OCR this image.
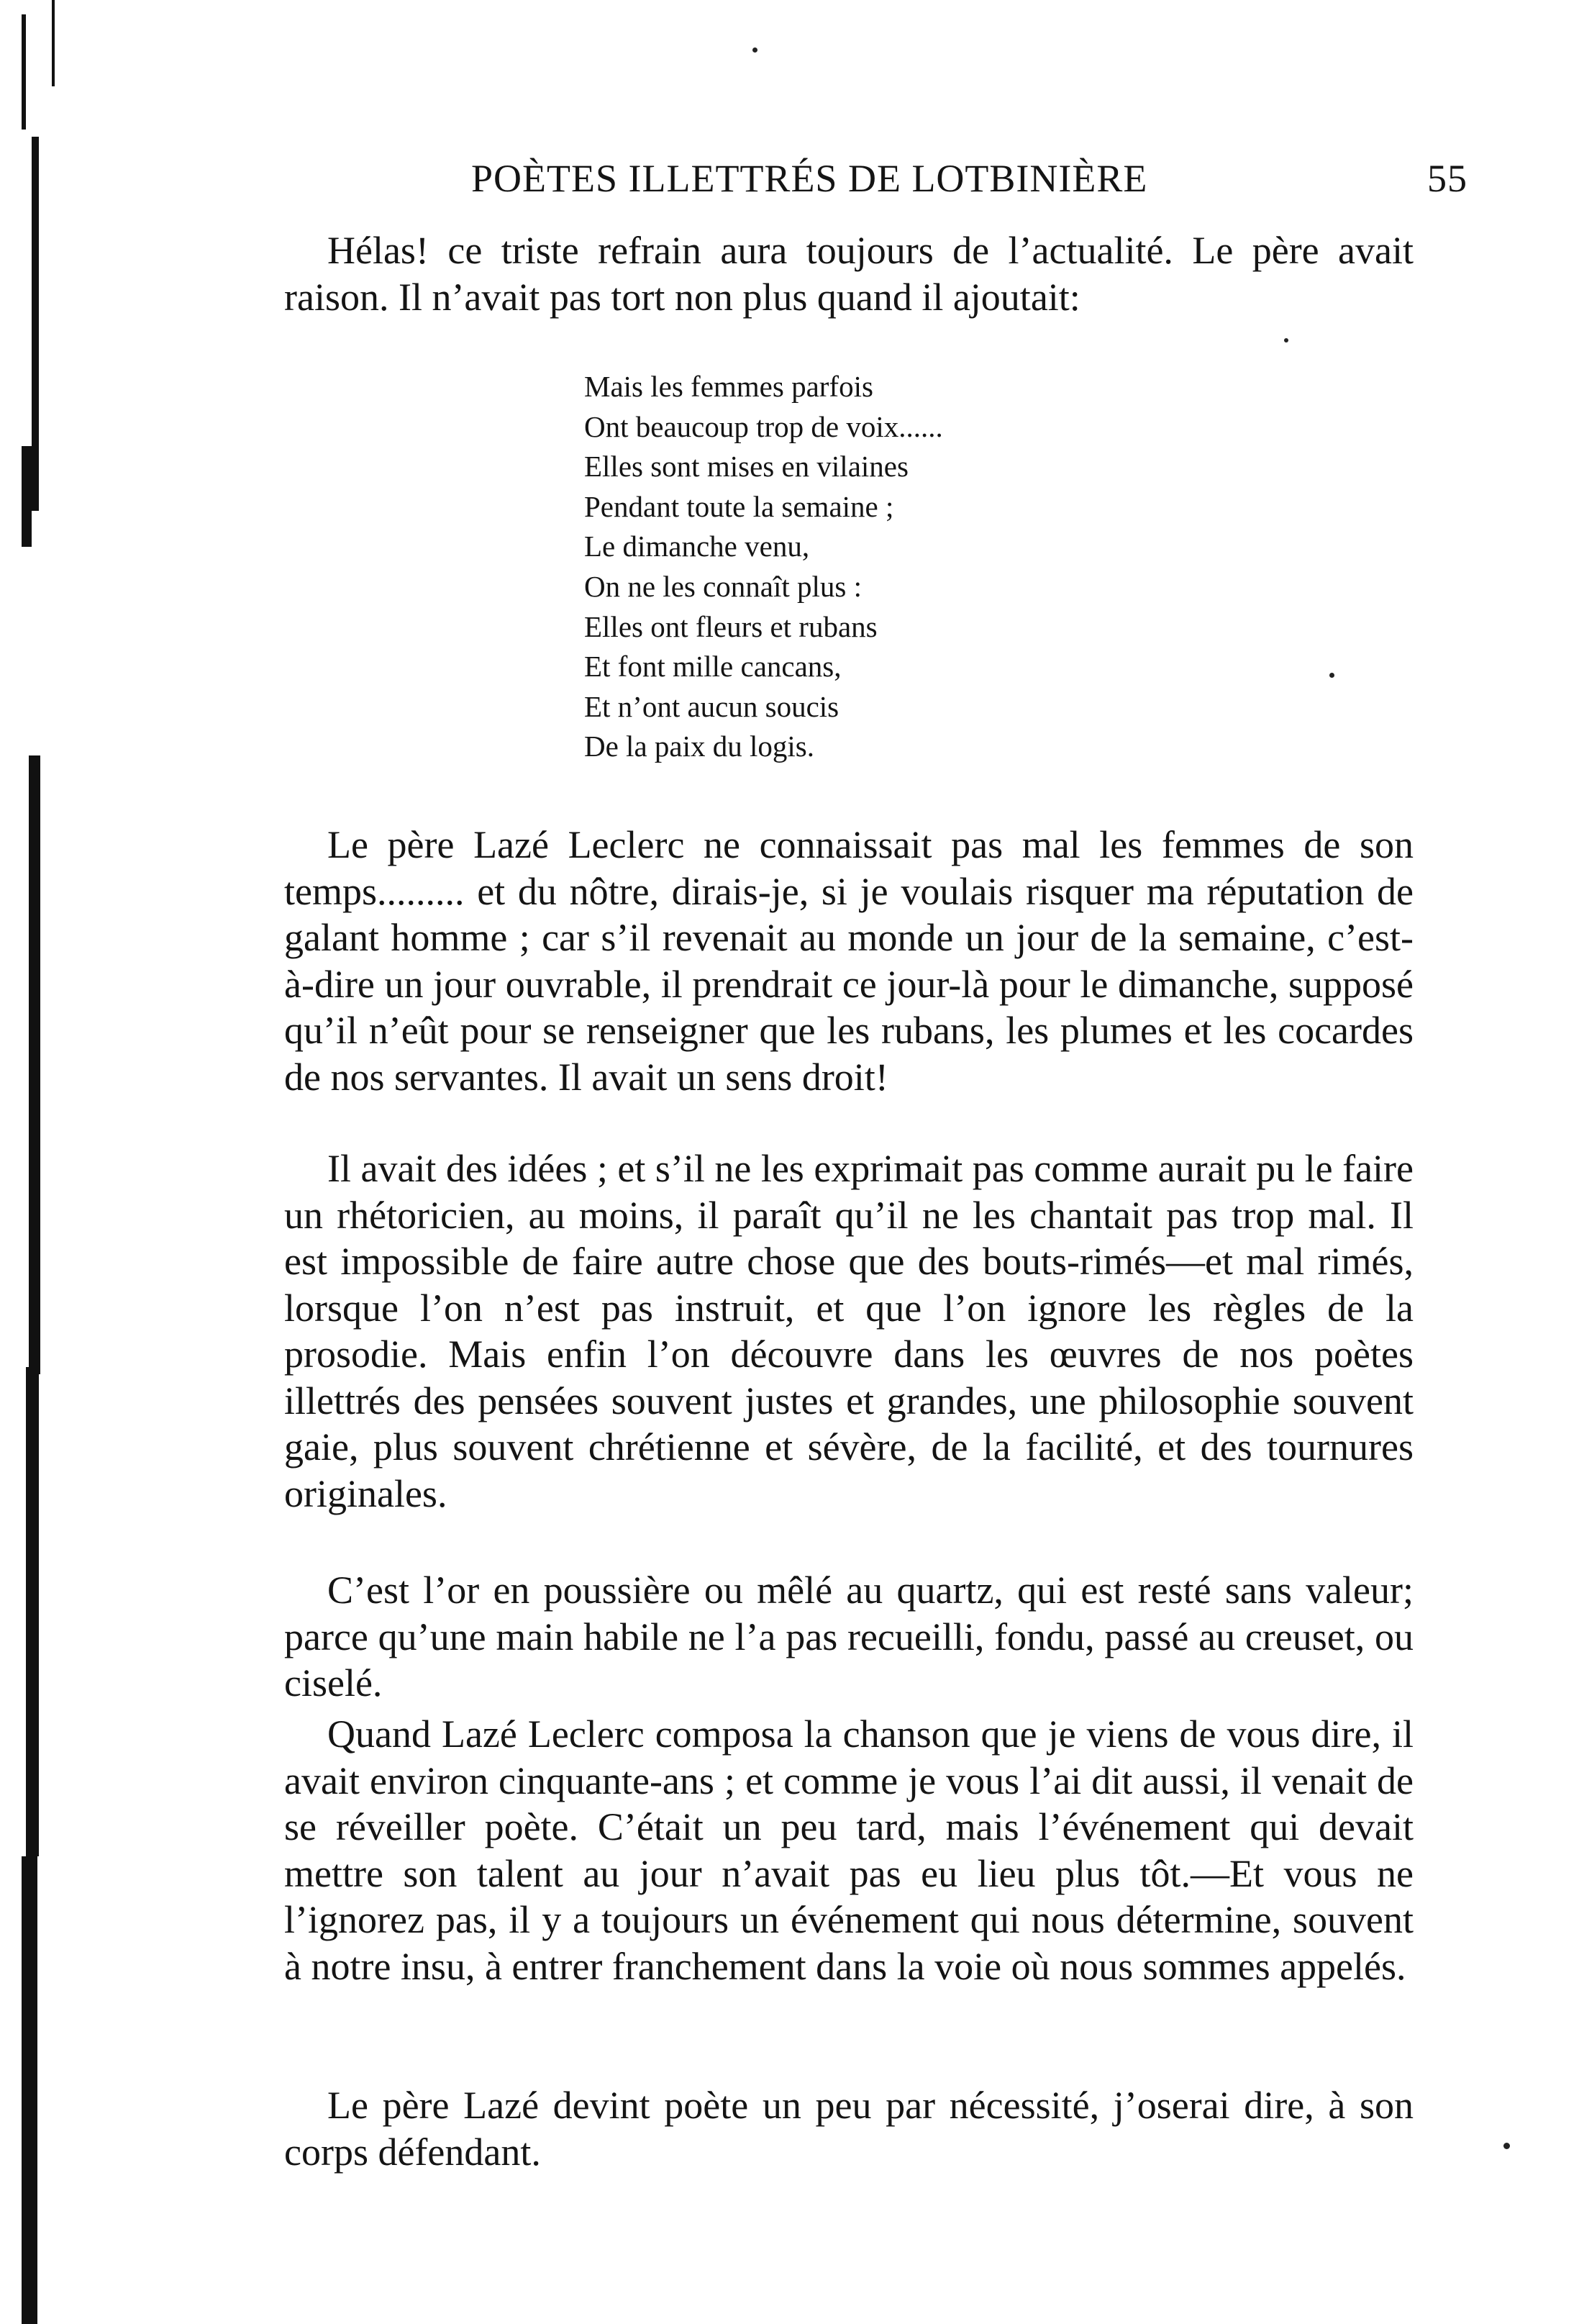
POÈTES ILLETTRÉS DE LOTBINIÈRE	55

Hélas! ce triste refrain aura toujours de l’actualité. Le père avait raison. Il n’avait pas tort non plus quand il ajoutait:

Mais les femmes parfois
Ont beaucoup trop de voix......
Elles sont mises en vilaines
Pendant toute la semaine ;
Le dimanche venu,
On ne les connaît plus :
Elles ont fleurs et rubans
Et font mille cancans,
Et n’ont aucun soucis
De la paix du logis.

Le père Lazé Leclerc ne connaissait pas mal les femmes de son temps......... et du nôtre, dirais-je, si je voulais risquer ma réputation de galant homme ; car s’il revenait au monde un jour de la semaine, c’est-à-dire un jour ouvrable, il prendrait ce jour-là pour le dimanche, supposé qu’il n’eût pour se renseigner que les rubans, les plumes et les cocardes de nos servantes. Il avait un sens droit!

Il avait des idées ; et s’il ne les exprimait pas comme aurait pu le faire un rhétoricien, au moins, il paraît qu’il ne les chantait pas trop mal. Il est impossible de faire autre chose que des bouts-rimés—et mal rimés, lorsque l’on n’est pas instruit, et que l’on ignore les règles de la prosodie. Mais enfin l’on découvre dans les œuvres de nos poètes illettrés des pensées souvent justes et grandes, une philosophie souvent gaie, plus souvent chrétienne et sévère, de la facilité, et des tournures originales.

C’est l’or en poussière ou mêlé au quartz, qui est resté sans valeur; parce qu’une main habile ne l’a pas recueilli, fondu, passé au creuset, ou ciselé.

Quand Lazé Leclerc composa la chanson que je viens de vous dire, il avait environ cinquante-ans ; et comme je vous l’ai dit aussi, il venait de se réveiller poète. C’était un peu tard, mais l’événement qui devait mettre son talent au jour n’avait pas eu lieu plus tôt.—Et vous ne l’ignorez pas, il y a toujours un événement qui nous détermine, souvent à notre insu, à entrer franchement dans la voie où nous sommes appelés.

Le père Lazé devint poète un peu par nécessité, j’oserai dire, à son corps défendant.
